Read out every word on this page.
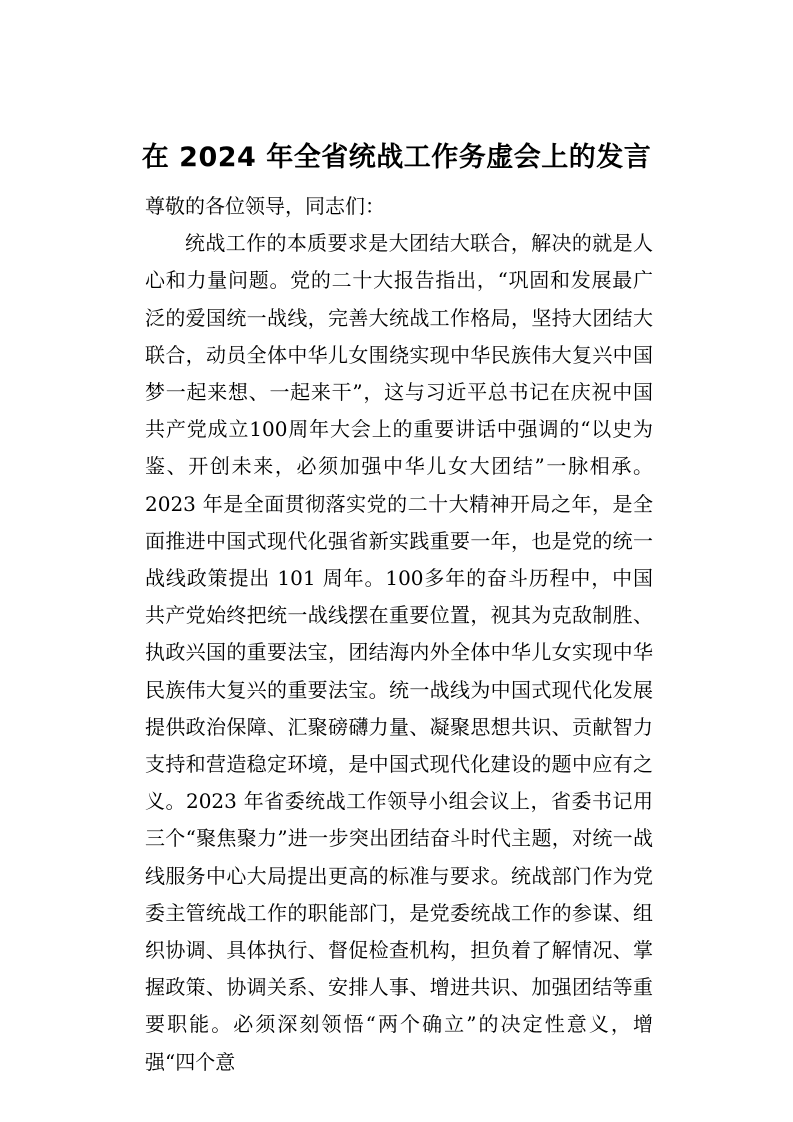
在 2024 年全省统战工作务虚会上的发言

尊敬的各位领导，同志们：

统战工作的本质要求是大团结大联合，解决的就是人心和力量问题。党的二十大报告指出，“巩固和发展最广泛的爱国统一战线，完善大统战工作格局，坚持大团结大联合，动员全体中华儿女围绕实现中华民族伟大复兴中国梦一起来想、一起来干”，这与习近平总书记在庆祝中国共产党成立100周年大会上的重要讲话中强调的“以史为鉴、开创未来，必须加强中华儿女大团结”一脉相承。2023 年是全面贯彻落实党的二十大精神开局之年，是全面推进中国式现代化强省新实践重要一年，也是党的统一战线政策提出 101 周年。100多年的奋斗历程中，中国共产党始终把统一战线摆在重要位置，视其为克敌制胜、执政兴国的重要法宝，团结海内外全体中华儿女实现中华民族伟大复兴的重要法宝。统一战线为中国式现代化发展提供政治保障、汇聚磅礴力量、凝聚思想共识、贡献智力支持和营造稳定环境，是中国式现代化建设的题中应有之义。2023 年省委统战工作领导小组会议上，省委书记用三个“聚焦聚力”进一步突出团结奋斗时代主题，对统一战线服务中心大局提出更高的标准与要求。统战部门作为党委主管统战工作的职能部门，是党委统战工作的参谋、组织协调、具体执行、督促检查机构，担负着了解情况、掌握政策、协调关系、安排人事、增进共识、加强团结等重要职能。必须深刻领悟“两个确立”的决定性意义，增强“四个意
